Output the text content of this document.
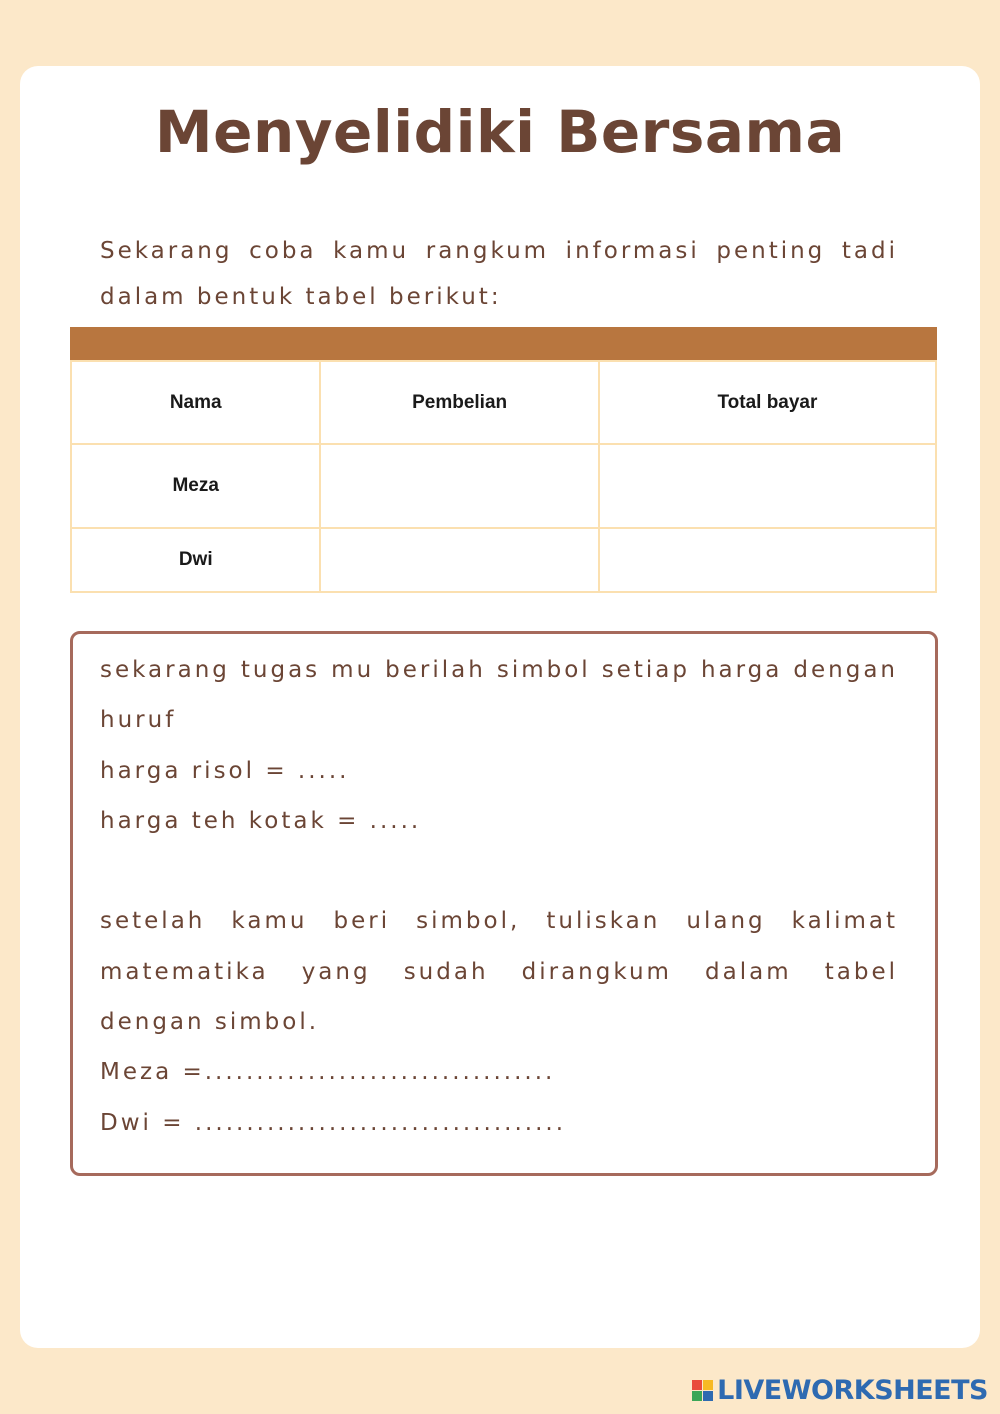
Menyelidiki Bersama

Sekarang coba kamu rangkum informasi penting tadi dalam bentuk tabel berikut:

Nama	Pembelian	Total bayar
Meza		
Dwi		

sekarang tugas mu berilah simbol setiap harga dengan huruf

harga risol = .....

harga teh kotak = .....

setelah kamu beri simbol, tuliskan ulang kalimat matematika yang sudah dirangkum dalam tabel dengan simbol.

Meza =..................................

Dwi = ....................................

LIVEWORKSHEETS
